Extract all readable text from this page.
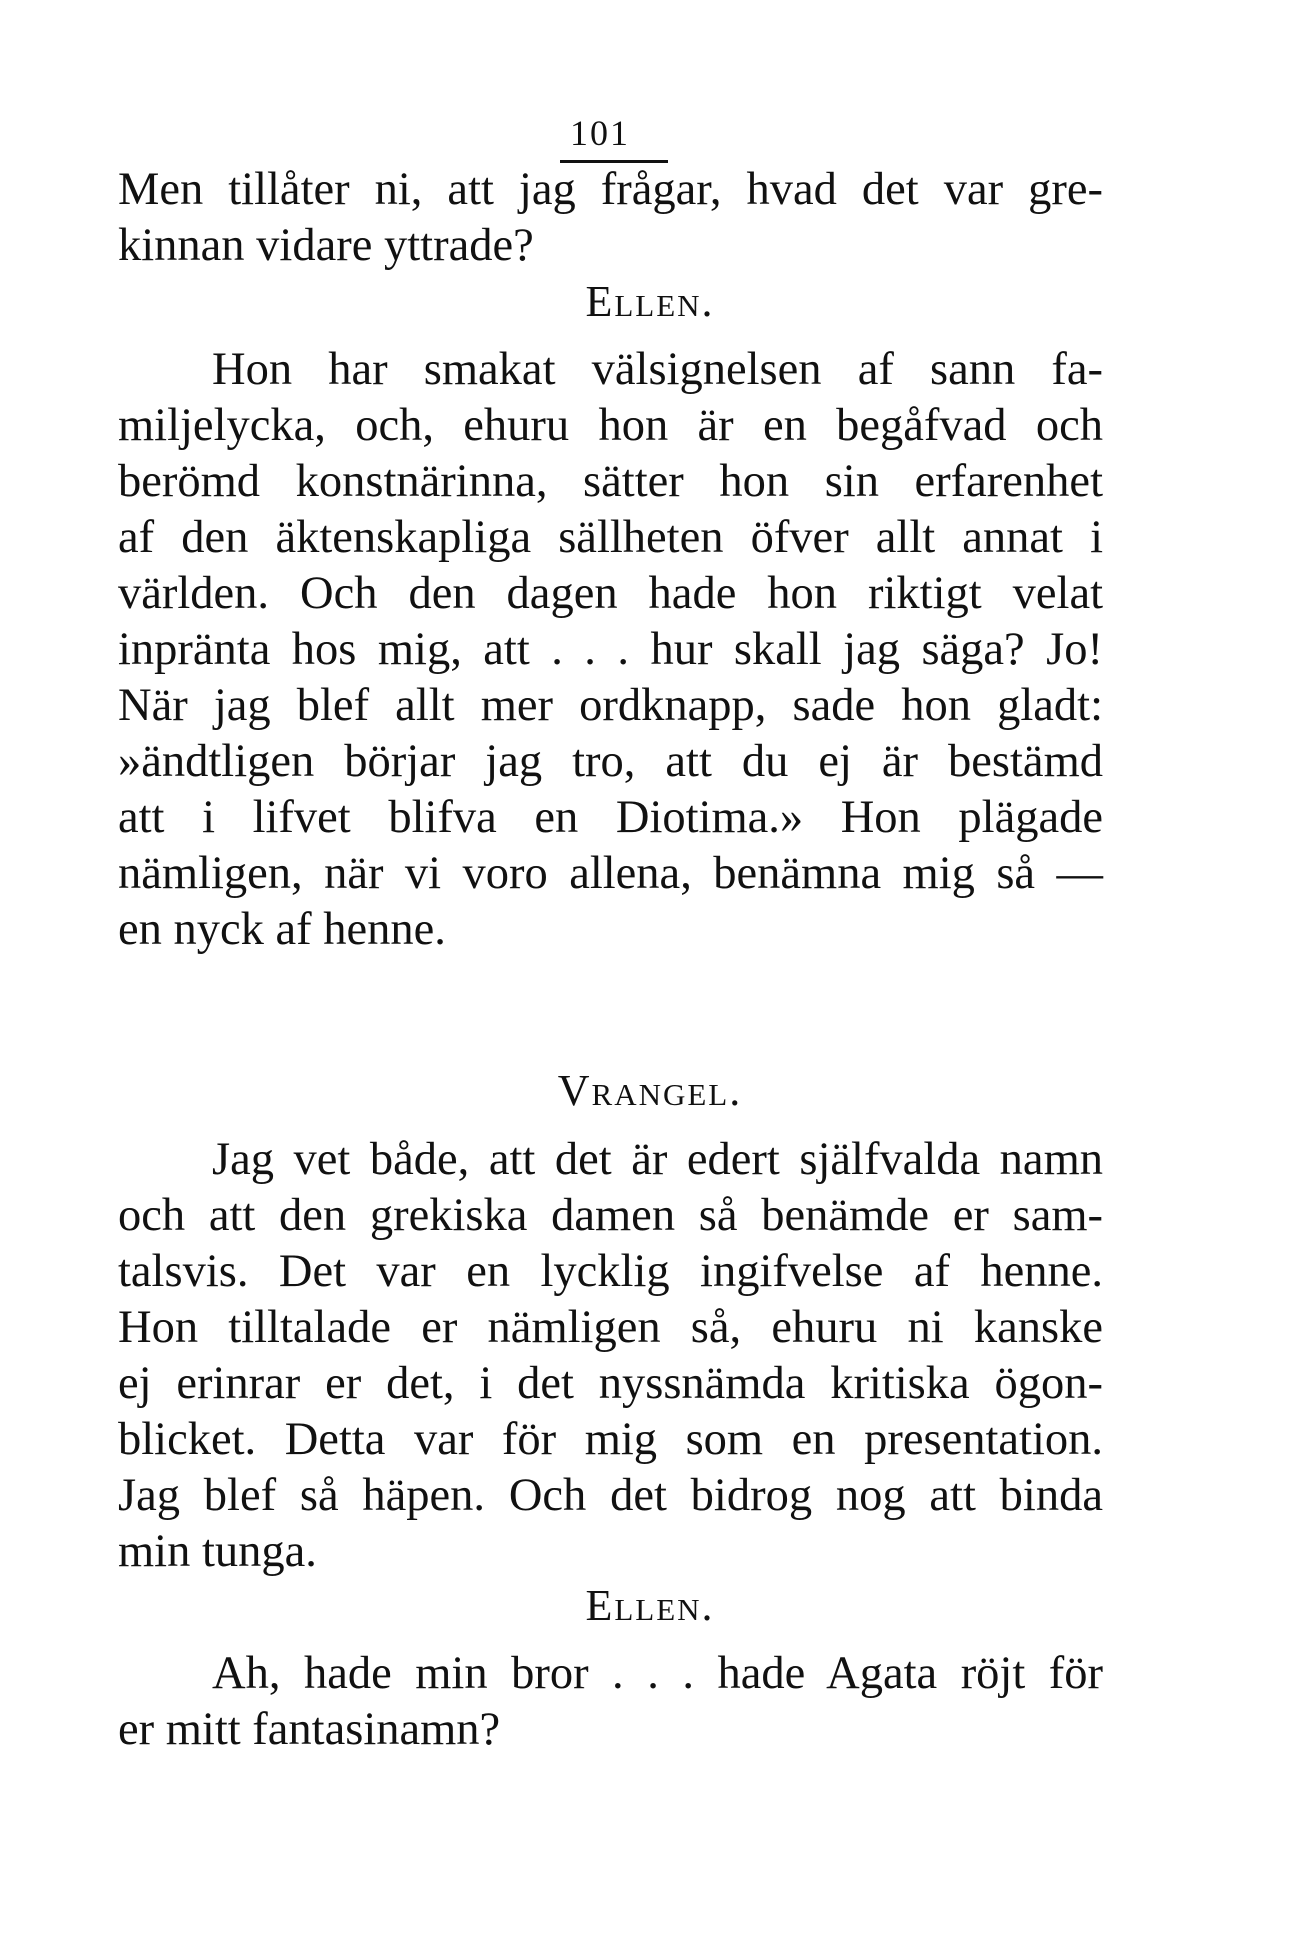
101
Men tillåter ni, att jag frågar, hvad det var gre-
kinnan vidare yttrade?
Ellen.
Hon har smakat välsignelsen af sann fa-
miljelycka, och, ehuru hon är en begåfvad och
berömd konstnärinna, sätter hon sin erfarenhet
af den äktenskapliga sällheten öfver allt annat i
världen. Och den dagen hade hon riktigt velat
inpränta hos mig, att . . . hur skall jag säga? Jo!
När jag blef allt mer ordknapp, sade hon gladt:
»ändtligen börjar jag tro, att du ej är bestämd
att i lifvet blifva en Diotima.» Hon plägade
nämligen, när vi voro allena, benämna mig så —
en nyck af henne.
Vrangel.
Jag vet både, att det är edert själfvalda namn
och att den grekiska damen så benämde er sam-
talsvis. Det var en lycklig ingifvelse af henne.
Hon tilltalade er nämligen så, ehuru ni kanske
ej erinrar er det, i det nyssnämda kritiska ögon-
blicket. Detta var för mig som en presentation.
Jag blef så häpen. Och det bidrog nog att binda
min tunga.
Ellen.
Ah, hade min bror . . . hade Agata röjt för
er mitt fantasinamn?
